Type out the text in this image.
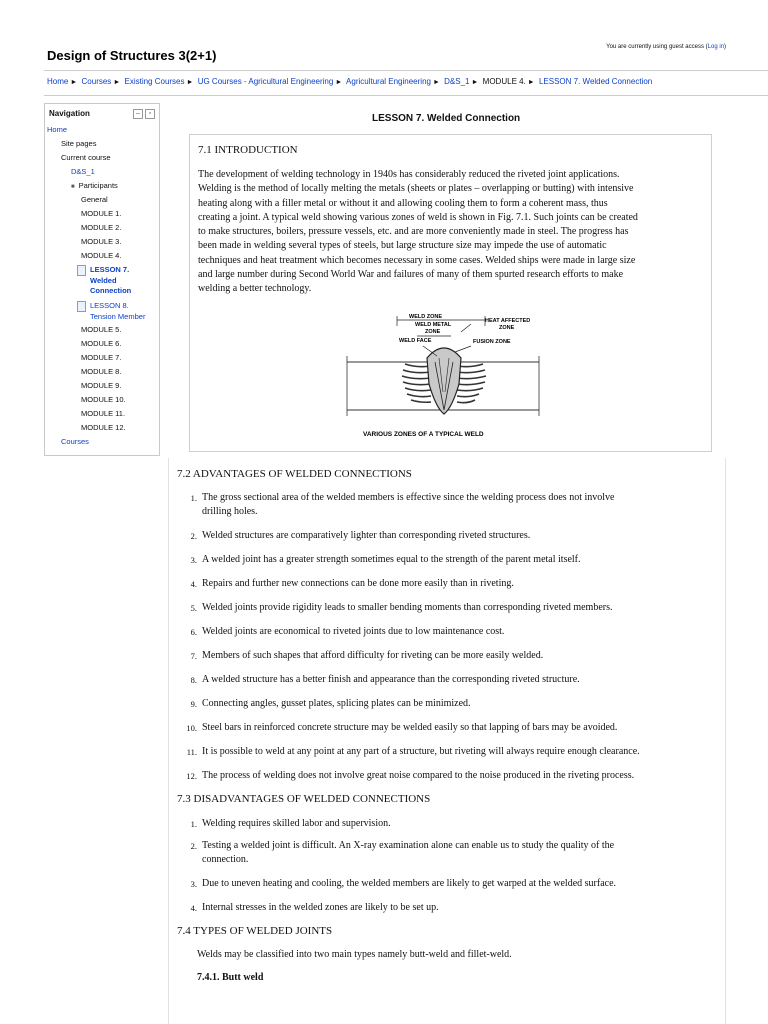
Design of Structures 3(2+1)
You are currently using guest access (Log in)
Home ► Courses ► Existing Courses ► UG Courses - Agricultural Engineering ► Agricultural Engineering ► D&S_1 ► MODULE 4. ► LESSON 7. Welded Connection
Navigation	–	▫
Home
Site pages
Current course
D&S_1
■ Participants
General
MODULE 1.
MODULE 2.
MODULE 3.
MODULE 4.
LESSON 7.
Welded
Connection
LESSON 8.
Tension Member
MODULE 5.
MODULE 6.
MODULE 7.
MODULE 8.
MODULE 9.
MODULE 10.
MODULE 11.
MODULE 12.
Courses
LESSON 7. Welded Connection
7.1 INTRODUCTION
The development of welding technology in 1940s has considerably reduced the riveted joint applications.
Welding is the method of locally melting the metals (sheets or plates – overlapping or butting) with intensive
heating along with a filler metal or without it and allowing cooling them to form a coherent mass, thus
creating a joint. A typical weld showing various zones of weld is shown in Fig. 7.1. Such joints can be created
to make structures, boilers, pressure vessels, etc. and are more conveniently made in steel. The progress has
been made in welding several types of steels, but large structure size may impede the use of automatic
techniques and heat treatment which becomes necessary in some cases. Welded ships were made in large size
and large number during Second World War and failures of many of them spurted research efforts to make
welding a better technology.
WELD ZONE
WELD METAL
ZONE
HEAT AFFECTED
ZONE
WELD FACE	FUSION ZONE
VARIOUS ZONES OF A TYPICAL WELD
7.2 ADVANTAGES OF WELDED CONNECTIONS
1. The gross sectional area of the welded members is effective since the welding process does not involve
drilling holes.
2. Welded structures are comparatively lighter than corresponding riveted structures.
3. A welded joint has a greater strength sometimes equal to the strength of the parent metal itself.
4. Repairs and further new connections can be done more easily than in riveting.
5. Welded joints provide rigidity leads to smaller bending moments than corresponding riveted members.
6. Welded joints are economical to riveted joints due to low maintenance cost.
7. Members of such shapes that afford difficulty for riveting can be more easily welded.
8. A welded structure has a better finish and appearance than the corresponding riveted structure.
9. Connecting angles, gusset plates, splicing plates can be minimized.
10. Steel bars in reinforced concrete structure may be welded easily so that lapping of bars may be avoided.
11. It is possible to weld at any point at any part of a structure, but riveting will always require enough clearance.
12. The process of welding does not involve great noise compared to the noise produced in the riveting process.
7.3 DISADVANTAGES OF WELDED CONNECTIONS
1. Welding requires skilled labor and supervision.
2. Testing a welded joint is difficult. An X-ray examination alone can enable us to study the quality of the
connection.
3. Due to uneven heating and cooling, the welded members are likely to get warped at the welded surface.
4. Internal stresses in the welded zones are likely to be set up.
7.4 TYPES OF WELDED JOINTS
Welds may be classified into two main types namely butt-weld and fillet-weld.
7.4.1. Butt weld
